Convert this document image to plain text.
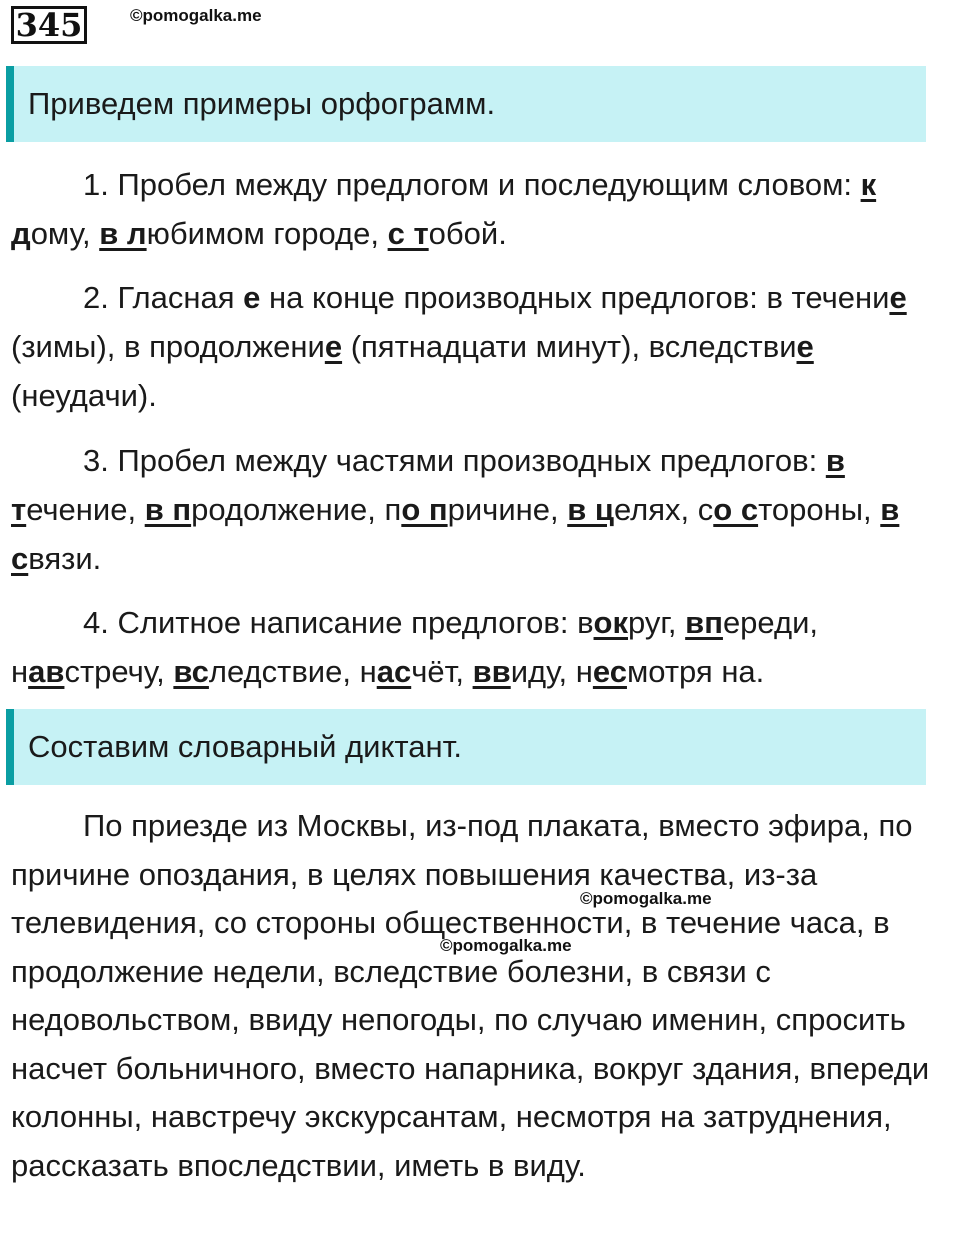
345	©pomogalka.me
Приведем примеры орфограмм.

1. Пробел между предлогом и последующим словом: к дому, в любимом городе, с тобой.

2. Гласная е на конце производных предлогов: в течение (зимы), в продолжение (пятнадцати минут), вследствие (неудачи).

3. Пробел между частями производных предлогов: в течение, в продолжение, по причине, в целях, со стороны, в связи.

4. Слитное написание предлогов: вокруг, впереди, навстречу, вследствие, насчёт, ввиду, несмотря на.

Составим словарный диктант.

По приезде из Москвы, из-под плаката, вместо эфира, по причине опоздания, в целях повышения качества, из-за телевидения, со стороны общественности, в течение часа, в продолжение недели, вследствие болезни, в связи с недовольством, ввиду непогоды, по случаю именин, спросить насчет больничного, вместо напарника, вокруг здания, впереди колонны, навстречу экскурсантам, несмотря на затруднения, рассказать впоследствии, иметь в виду.

©pomogalka.me
©pomogalka.me
